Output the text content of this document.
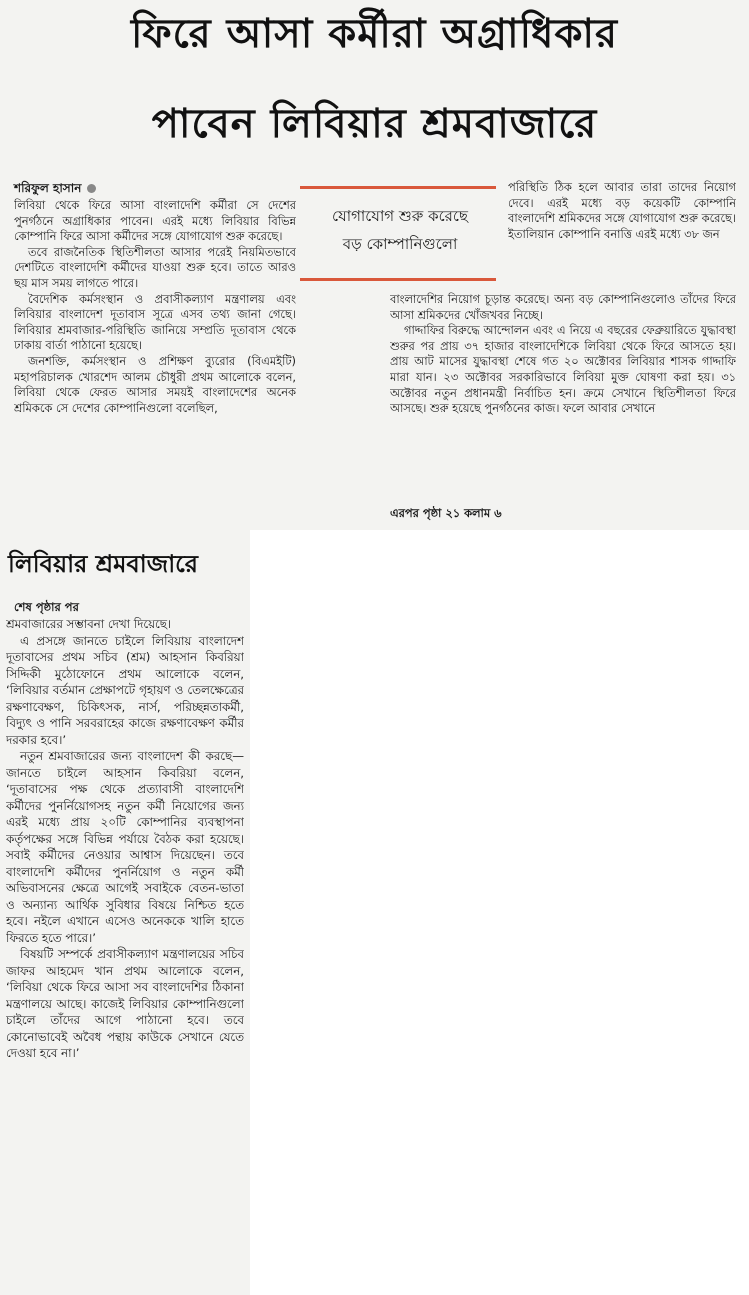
ফিরে আসা কর্মীরা অগ্রাধিকার
পাবেন লিবিয়ার শ্রমবাজারে
শরিফুল হাসান
যোগাযোগ শুরু করেছে
বড় কোম্পানিগুলো

লিবিয়া থেকে ফিরে আসা বাংলাদেশি কর্মীরা সে দেশের পুনর্গঠনে অগ্রাধিকার পাবেন। এরই মধ্যে লিবিয়ার বিভিন্ন কোম্পানি ফিরে আসা কর্মীদের সঙ্গে যোগাযোগ শুরু করেছে।

তবে রাজনৈতিক স্থিতিশীলতা আসার পরেই নিয়মিতভাবে দেশটিতে বাংলাদেশি কর্মীদের যাওয়া শুরু হবে। তাতে আরও ছয় মাস সময় লাগতে পারে।

বৈদেশিক কর্মসংস্থান ও প্রবাসীকল্যাণ মন্ত্রণালয় এবং লিবিয়ার বাংলাদেশ দূতাবাস সূত্রে এসব তথ্য জানা গেছে। লিবিয়ার শ্রমবাজার-পরিস্থিতি জানিয়ে সম্প্রতি দূতাবাস থেকে ঢাকায় বার্তা পাঠানো হয়েছে।

জনশক্তি, কর্মসংস্থান ও প্রশিক্ষণ ব্যুরোর (বিএমইটি) মহাপরিচালক খোরশেদ আলম চৌধুরী প্রথম আলোকে বলেন, লিবিয়া থেকে ফেরত আসার সময়ই বাংলাদেশের অনেক শ্রমিককে সে দেশের কোম্পানিগুলো বলেছিল,

পরিস্থিতি ঠিক হলে আবার তারা তাদের নিয়োগ দেবে। এরই মধ্যে বড় কয়েকটি কোম্পানি বাংলাদেশি শ্রমিকদের সঙ্গে যোগাযোগ শুরু করেছে। ইতালিয়ান কোম্পানি বনাত্তি এরই মধ্যে ৩৮ জন

বাংলাদেশির নিয়োগ চূড়ান্ত করেছে। অন্য বড় কোম্পানিগুলোও তাঁদের ফিরে আসা শ্রমিকদের খোঁজখবর নিচ্ছে।

গাদ্দাফির বিরুদ্ধে আন্দোলন এবং এ নিয়ে এ বছরের ফেব্রুয়ারিতে যুদ্ধাবস্থা শুরুর পর প্রায় ৩৭ হাজার বাংলাদেশিকে লিবিয়া থেকে ফিরে আসতে হয়। প্রায় আট মাসের যুদ্ধাবস্থা শেষে গত ২০ অক্টোবর লিবিয়ার শাসক গাদ্দাফি মারা যান। ২৩ অক্টোবর সরকারিভাবে লিবিয়া মুক্ত ঘোষণা করা হয়। ৩১ অক্টোবর নতুন প্রধানমন্ত্রী নির্বাচিত হন। ক্রমে সেখানে স্থিতিশীলতা ফিরে আসছে। শুরু হয়েছে পুনর্গঠনের কাজ। ফলে আবার সেখানে

এরপর পৃষ্ঠা ২১ কলাম ৬
লিবিয়ার শ্রমবাজারে
শেষ পৃষ্ঠার পর

শ্রমবাজারের সম্ভাবনা দেখা দিয়েছে।

এ প্রসঙ্গে জানতে চাইলে লিবিয়ায় বাংলাদেশ দূতাবাসের প্রথম সচিব (শ্রম) আহসান কিবরিয়া সিদ্দিকী মুঠোফোনে প্রথম আলোকে বলেন, ‘লিবিয়ার বর্তমান প্রেক্ষাপটে গৃহায়ণ ও তেলক্ষেত্রের রক্ষণাবেক্ষণ, চিকিৎসক, নার্স, পরিচ্ছন্নতাকর্মী, বিদ্যুৎ ও পানি সরবরাহের কাজে রক্ষণাবেক্ষণ কর্মীর দরকার হবে।’

নতুন শ্রমবাজারের জন্য বাংলাদেশ কী করছে—জানতে চাইলে আহসান কিবরিয়া বলেন, ‘দূতাবাসের পক্ষ থেকে প্রত্যাবাসী বাংলাদেশি কর্মীদের পুনর্নিয়োগসহ নতুন কর্মী নিয়োগের জন্য এরই মধ্যে প্রায় ২০টি কোম্পানির ব্যবস্থাপনা কর্তৃপক্ষের সঙ্গে বিভিন্ন পর্যায়ে বৈঠক করা হয়েছে। সবাই কর্মীদের নেওয়ার আশ্বাস দিয়েছেন। তবে বাংলাদেশি কর্মীদের পুনর্নিয়োগ ও নতুন কর্মী অভিবাসনের ক্ষেত্রে আগেই সবাইকে বেতন-ভাতা ও অন্যান্য আর্থিক সুবিধার বিষয়ে নিশ্চিত হতে হবে। নইলে এখানে এসেও অনেককে খালি হাতে ফিরতে হতে পারে।’

বিষয়টি সম্পর্কে প্রবাসীকল্যাণ মন্ত্রণালয়ের সচিব জাফর আহমেদ খান প্রথম আলোকে বলেন, ‘লিবিয়া থেকে ফিরে আসা সব বাংলাদেশির ঠিকানা মন্ত্রণালয়ে আছে। কাজেই লিবিয়ার কোম্পানিগুলো চাইলে তাঁদের আগে পাঠানো হবে। তবে কোনোভাবেই অবৈধ পন্থায় কাউকে সেখানে যেতে দেওয়া হবে না।’
